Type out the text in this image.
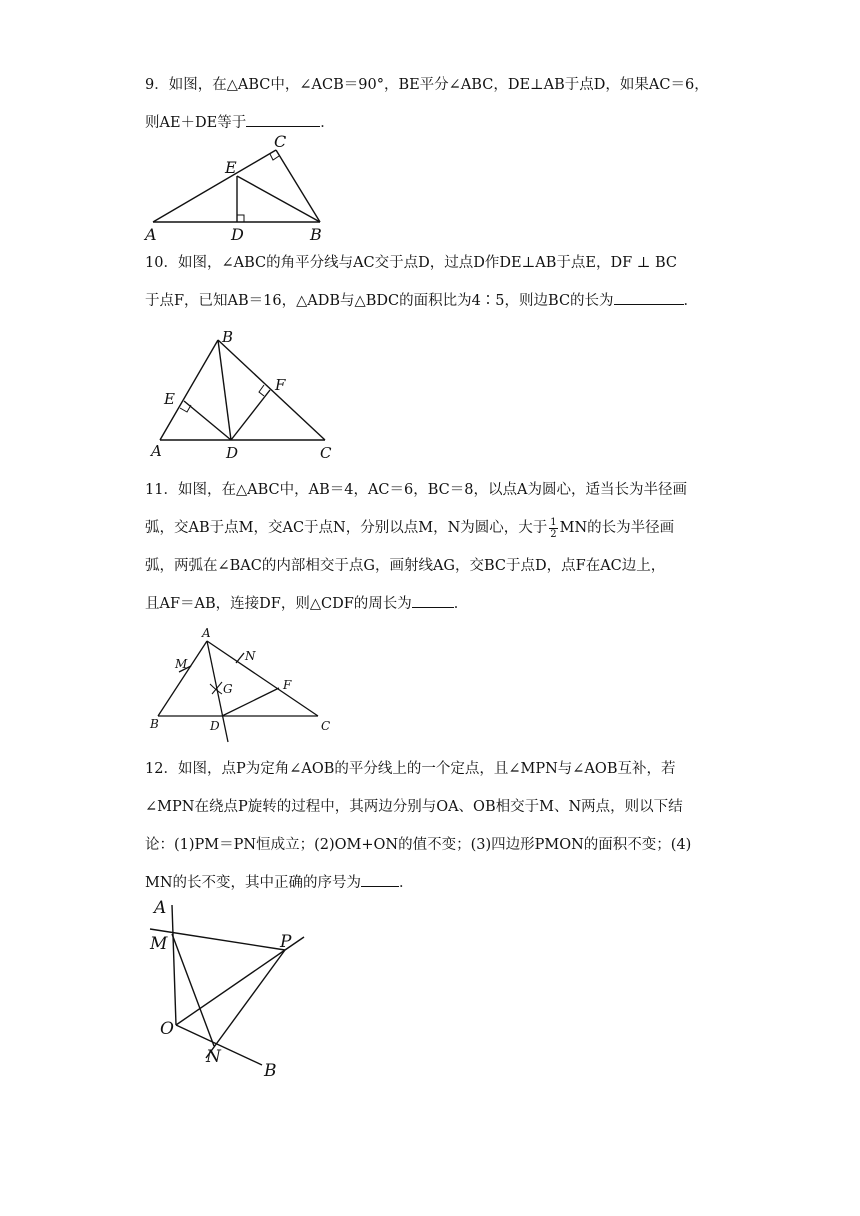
9．如图，在△ABC中，∠ACB＝90°，BE平分∠ABC，DE⊥AB于点D，如果AC＝6，
则AE＋DE等于	．
C
E
A	D	B
10．如图，∠ABC的角平分线与AC交于点D，过点D作DE⊥AB于点E，DF ⊥ BC
于点F，已知AB＝16，△ADB与△BDC的面积比为4∶5，则边BC的长为	．
B
E
F
A	D	C
11．如图，在△ABC中，AB＝4，AC＝6，BC＝8，以点A为圆心，适当长为半径画
弧，交AB于点M，交AC于点N，分别以点M，N为圆心，大于 $\frac{1}{2}$ MN的长为半径画
弧，两弧在∠BAC的内部相交于点G，画射线AG，交BC于点D，点F在AC边上，
且AF＝AB，连接DF，则△CDF的周长为	．
A
M
N
G	F
B	D	C
12．如图，点P为定角∠AOB的平分线上的一个定点，且∠MPN与∠AOB互补，若
∠MPN在绕点P旋转的过程中，其两边分别与OA、OB相交于M、N两点，则以下结
论：(1)PM＝PN恒成立；(2)OM+ON的值不变；(3)四边形PMON的面积不变；(4)
MN的长不变，其中正确的序号为	．
A
M	P
O
N
B
